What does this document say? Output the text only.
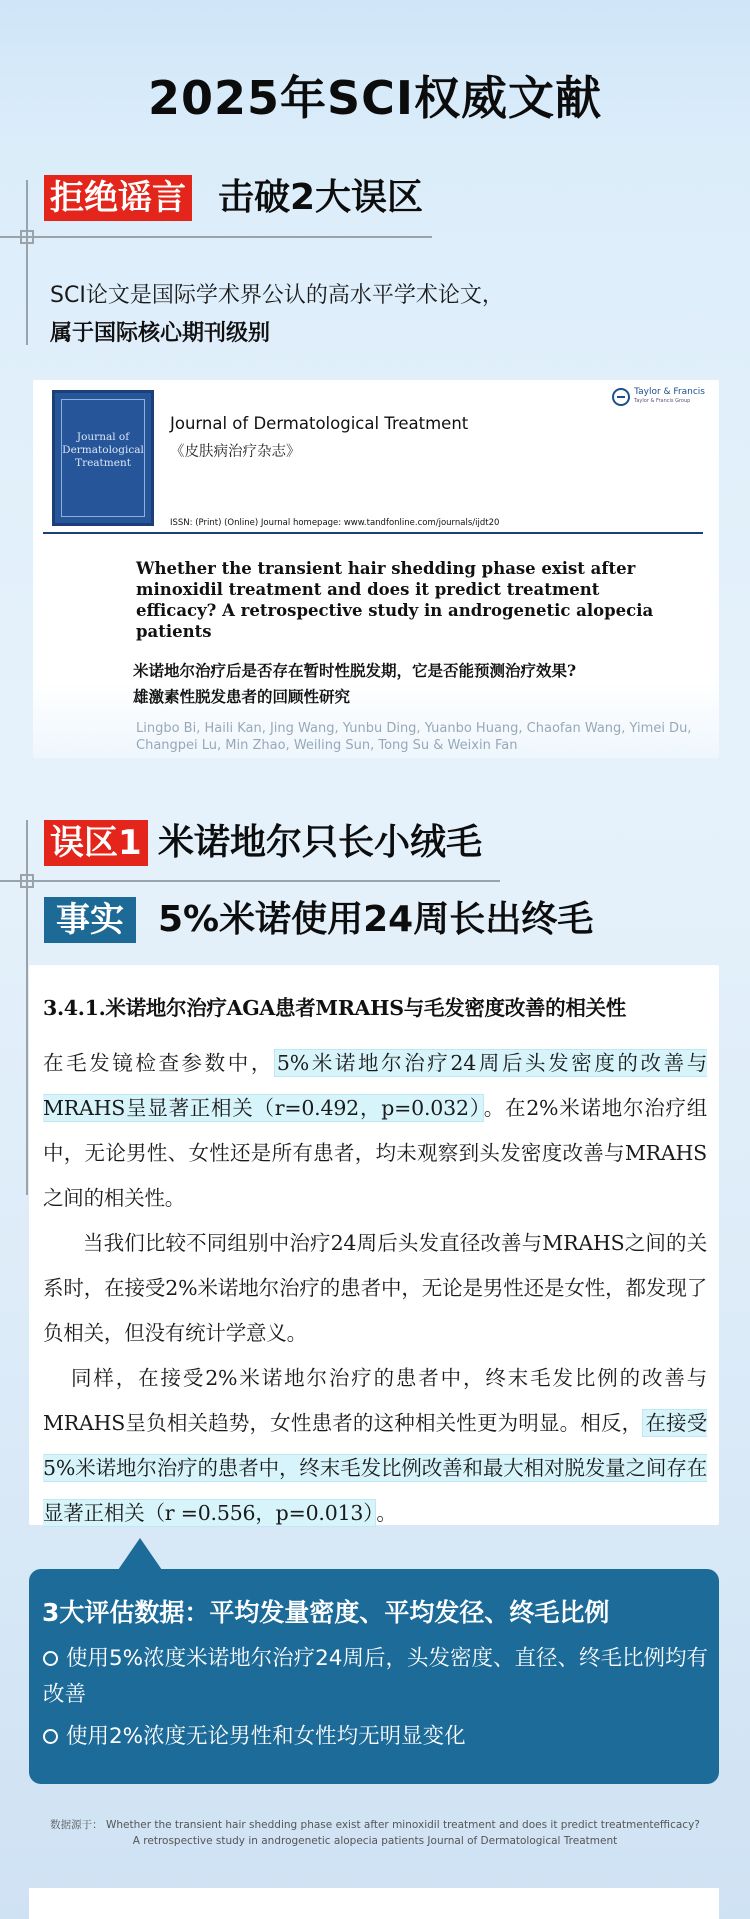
2025年SCI权威文献
拒绝谣言 击破2大误区
SCI论文是国际学术界公认的高水平学术论文，
属于国际核心期刊级别
Journal of Dermatological Treatment
Journal of Dermatological Treatment
《皮肤病治疗杂志》
Taylor & Francis
Taylor & Francis Group
ISSN: (Print) (Online) Journal homepage: www.tandfonline.com/journals/ijdt20
Whether the transient hair shedding phase exist after minoxidil treatment and does it predict treatment efficacy? A retrospective study in androgenetic alopecia patients
米诺地尔治疗后是否存在暂时性脱发期，它是否能预测治疗效果?
雄激素性脱发患者的回顾性研究
Lingbo Bi, Haili Kan, Jing Wang, Yunbu Ding, Yuanbo Huang, Chaofan Wang, Yimei Du, Changpei Lu, Min Zhao, Weiling Sun, Tong Su & Weixin Fan
误区1 米诺地尔只长小绒毛
事实 5%米诺使用24周长出终毛
3.4.1.米诺地尔治疗AGA患者MRAHS与毛发密度改善的相关性
在毛发镜检查参数中， 5%米诺地尔治疗24周后头发密度的改善与MRAHS呈显著正相关（r=0.492，p=0.032） 。在2%米诺地尔治疗组中，无论男性、女性还是所有患者，均未观察到头发密度改善与MRAHS之间的相关性。
当我们比较不同组别中治疗24周后头发直径改善与MRAHS之间的关系时，在接受2%米诺地尔治疗的患者中，无论是男性还是女性，都发现了负相关，但没有统计学意义。
同样，在接受2%米诺地尔治疗的患者中，终末毛发比例的改善与MRAHS呈负相关趋势，女性患者的这种相关性更为明显。相反， 在接受5%米诺地尔治疗的患者中，终末毛发比例改善和最大相对脱发量之间存在显著正相关（r =0.556，p=0.013） 。
3大评估数据：平均发量密度、平均发径、终毛比例
使用5%浓度米诺地尔治疗24周后，头发密度、直径、终毛比例均有改善
使用2%浓度无论男性和女性均无明显变化
数据源于： Whether the transient hair shedding phase exist after minoxidil treatment and does it predict treatmentefficacy?
A retrospective study in androgenetic alopecia patients Journal of Dermatological Treatment
